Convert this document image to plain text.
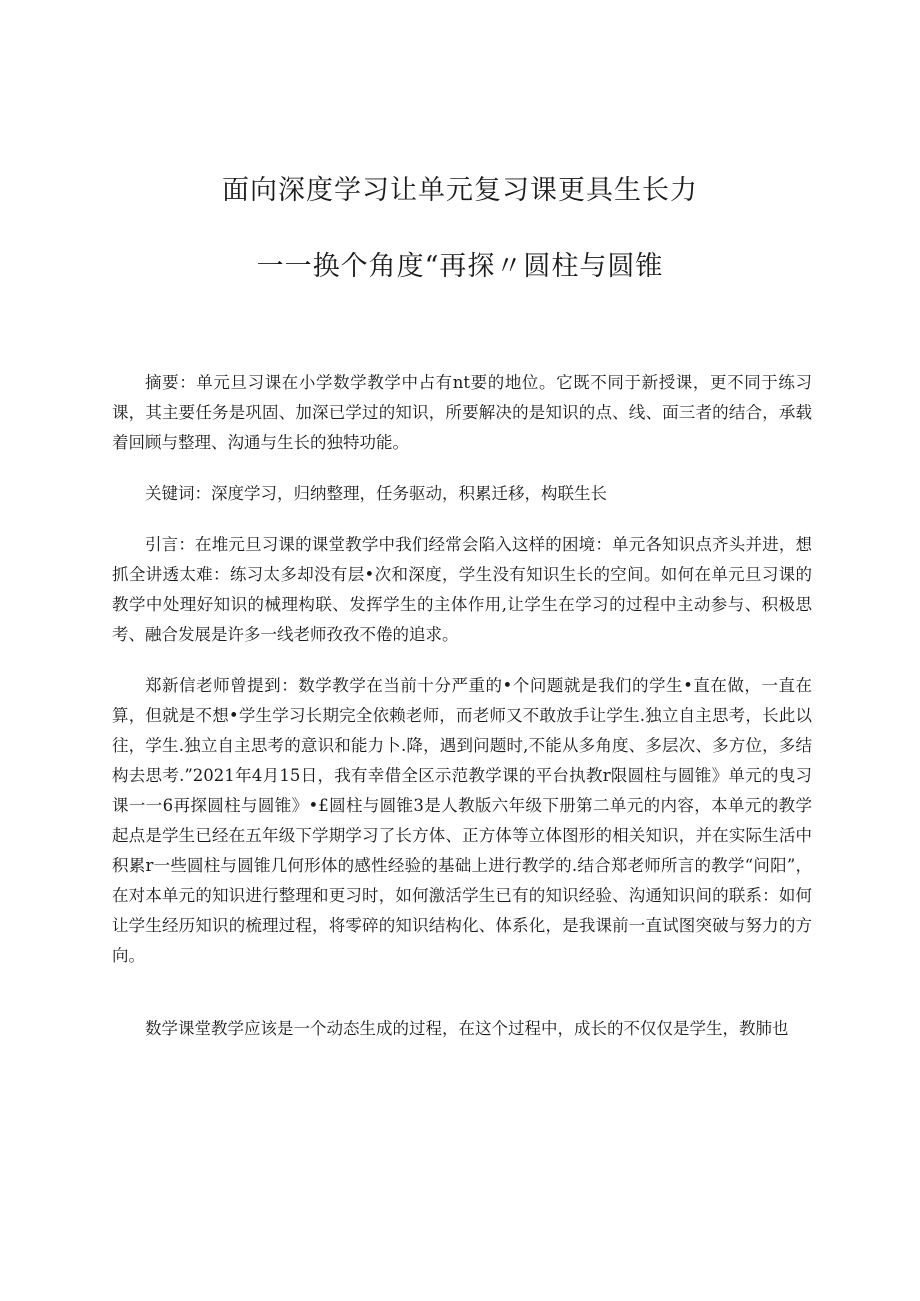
面向深度学习让单元复习课更具生长力
一一换个角度“再探〃圆柱与圆锥

摘要：单元旦习课在小学数学教学中占有nt要的地位。它既不同于新授课，更不同于练习课，其主要任务是巩固、加深已学过的知识，所要解决的是知识的点、线、面三者的结合，承载着回顾与整理、沟通与生长的独特功能。

关键词：深度学习，归纳整理，任务驱动，积累迁移，构联生长

引言：在堆元旦习课的课堂教学中我们经常会陷入这样的困境：单元各知识点齐头并进，想抓全讲透太难：练习太多却没有层•次和深度，学生没有知识生长的空间。如何在单元旦习课的教学中处理好知识的械理构联、发挥学生的主体作用,让学生在学习的过程中主动参与、积极思考、融合发展是许多一线老师孜孜不倦的追求。

郑新信老师曾提到：数学教学在当前十分严重的•个问题就是我们的学生•直在做，一直在算，但就是不想•学生学习长期完全依赖老师，而老师又不敢放手让学生.独立自主思考，长此以往，学生.独立自主思考的意识和能力卜.降，遇到问题时,不能从多角度、多层次、多方位，多结构去思考.”2021年4月15日，我有幸借全区示范教学课的平台执教r限圆柱与圆锥》单元的曳习课一一6再探圆柱与圆锥》•£圆柱与圆锥3是人教版六年级下册第二单元的内容，本单元的教学起点是学生已经在五年级下学期学习了长方体、正方体等立体图形的相关知识，并在实际生活中积累r一些圆柱与圆锥几何形体的感性经验的基础上进行教学的.结合郑老师所言的教学“问阳”，在对本单元的知识进行整理和更习时，如何激活学生已有的知识经验、沟通知识间的联系：如何让学生经历知识的梳理过程，将零碎的知识结构化、体系化，是我课前一直试图突破与努力的方向。

数学课堂教学应该是一个动态生成的过程，在这个过程中，成长的不仅仅是学生，教肺也
